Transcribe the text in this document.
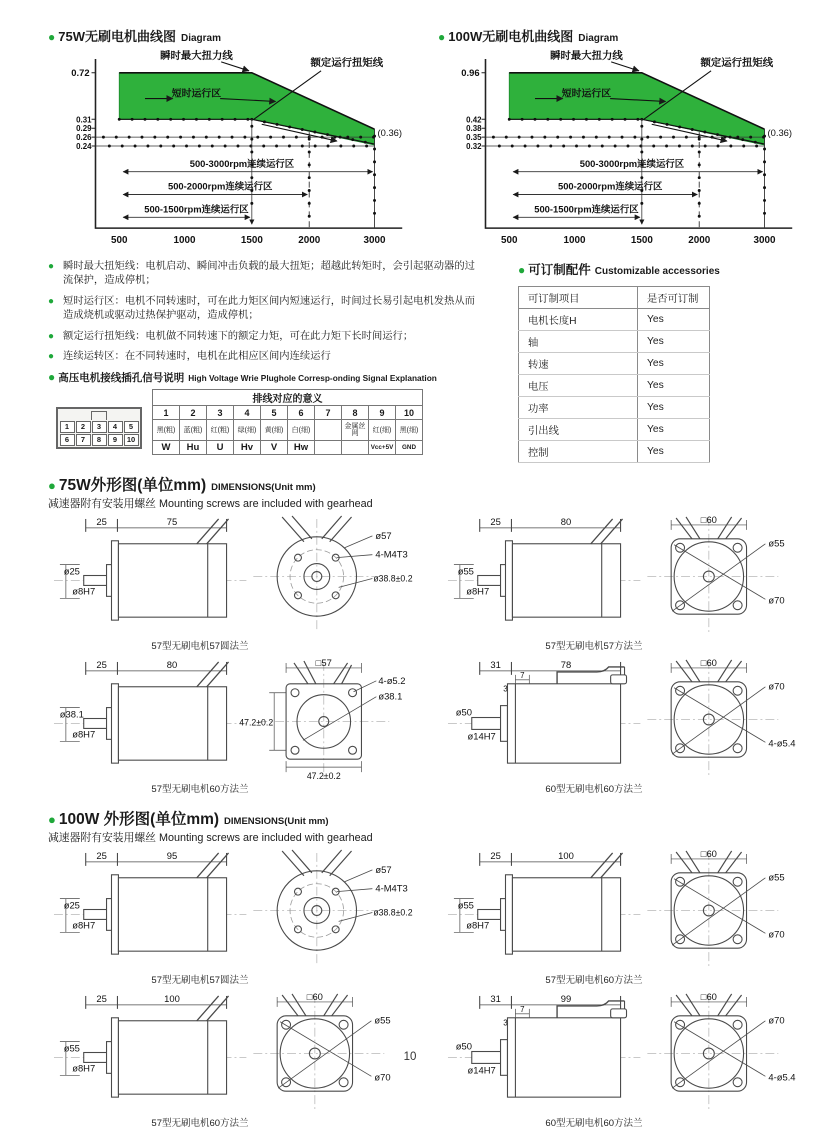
● 75W无刷电机曲线图 Diagram
0.72
0.31
0.29
0.26
0.24
500	1000	1500	2000	3000
瞬时最大扭力线
额定运行扭矩线
短时运行区
500-3000rpm连续运行区
500-2000rpm连续运行区
500-1500rpm连续运行区
(0.36)
● 100W无刷电机曲线图 Diagram
0.96
0.42
0.38
0.35
0.32
500	1000	1500	2000	3000
瞬时最大扭力线
额定运行扭矩线
短时运行区
500-3000rpm连续运行区
500-2000rpm连续运行区
500-1500rpm连续运行区
(0.36)
● 瞬时最大扭矩线：电机启动、瞬间冲击负载的最大扭矩；超越此转矩时，会引起驱动器的过流保护，造成停机；
● 短时运行区：电机不同转速时，可在此力矩区间内短速运行，时间过长易引起电机发热从而造成烧机或驱动过热保护驱动，造成停机；
● 额定运行扭矩线：电机做不同转速下的额定力矩，可在此力矩下长时间运行；
● 连续运转区：在不同转速时，电机在此相应区间内连续运行
● 高压电机接线插孔信号说明 High Voltage Wrie Plughole Corresp-onding Signal Explanation
1	2	3	4	5
6	7	8	9	10
排线对应的意义									
1	2	3	4	5	6	7	8	9	10
黑(粗)	蓝(粗)	红(粗)	绿(细)	黄(细)	白(细)		金属丝网	红(细)	黑(细)
W	Hu	U	Hv	V	Hw			Vcc+5V	GND
● 可订制配件 Customizable accessories
可订制项目	是否可订制
电机长度H	Yes
轴	Yes
转速	Yes
电压	Yes
功率	Yes
引出线	Yes
控制	Yes
● 75W外形图(单位mm) DIMENSIONS(Unit mm)
减速器附有安装用螺丝 Mounting screws are included with gearhead
25	75
ø25
ø8H7
ø57
4-M4T3
ø38.8±0.2
57型无刷电机57圆法兰
25	80
ø55
ø8H7
□60
ø55
ø70
57型无刷电机57方法兰
25	80
ø38.1
ø8H7
□57
4-ø5.2
ø38.1
47.2±0.2
47.2±0.2
57型无刷电机60方法兰
31	78
7
3
ø50
ø14H7
□60
ø70
4-ø5.4
60型无刷电机60方法兰
● 100W 外形图(单位mm) DIMENSIONS(Unit mm)
减速器附有安装用螺丝 Mounting screws are included with gearhead
25	95
ø25
ø8H7
ø57
4-M4T3
ø38.8±0.2
57型无刷电机57圆法兰
25	100
ø55
ø8H7
□60
ø55
ø70
57型无刷电机60方法兰
25	100
ø55
ø8H7
□60
ø55
ø70
57型无刷电机60方法兰
31	99
7
3
ø50
ø14H7
□60
ø70
4-ø5.4
60型无刷电机60方法兰
10
